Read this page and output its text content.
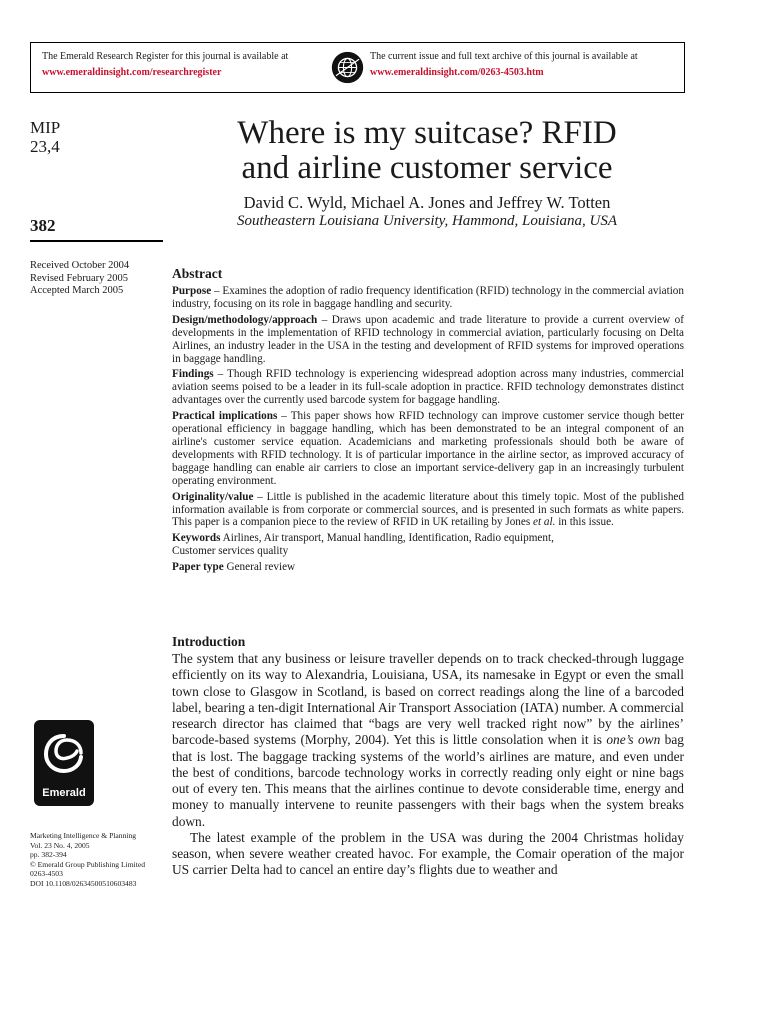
The Emerald Research Register for this journal is available at
www.emeraldinsight.com/researchregister
The current issue and full text archive of this journal is available at
www.emeraldinsight.com/0263-4503.htm
MIP
23,4
382
Received October 2004
Revised February 2005
Accepted March 2005
Where is my suitcase? RFID
and airline customer service
David C. Wyld, Michael A. Jones and Jeffrey W. Totten
Southeastern Louisiana University, Hammond, Louisiana, USA
Abstract

Purpose – Examines the adoption of radio frequency identification (RFID) technology in the commercial aviation industry, focusing on its role in baggage handling and security.

Design/methodology/approach – Draws upon academic and trade literature to provide a current overview of developments in the implementation of RFID technology in commercial aviation, particularly focusing on Delta Airlines, an industry leader in the USA in the testing and development of RFID systems for improved operations in baggage handling.

Findings – Though RFID technology is experiencing widespread adoption across many industries, commercial aviation seems poised to be a leader in its full-scale adoption in practice. RFID technology demonstrates distinct advantages over the currently used barcode system for baggage handling.

Practical implications – This paper shows how RFID technology can improve customer service though better operational efficiency in baggage handling, which has been demonstrated to be an integral component of an airline's customer service equation. Academicians and marketing professionals should both be aware of developments with RFID technology. It is of particular importance in the airline sector, as improved accuracy of baggage handling can enable air carriers to close an important service-delivery gap in an increasingly turbulent operating environment.

Originality/value – Little is published in the academic literature about this timely topic. Most of the published information available is from corporate or commercial sources, and is presented in such formats as white papers. This paper is a companion piece to the review of RFID in UK retailing by Jones et al. in this issue.

Keywords Airlines, Air transport, Manual handling, Identification, Radio equipment,
Customer services quality

Paper type General review

Introduction

The system that any business or leisure traveller depends on to track checked-through luggage efficiently on its way to Alexandria, Louisiana, USA, its namesake in Egypt or even the small town close to Glasgow in Scotland, is based on correct readings along the line of a barcoded label, bearing a ten-digit International Air Transport Association (IATA) number. A commercial research director has claimed that “bags are very well tracked right now” by the airlines’ barcode-based systems (Morphy, 2004). Yet this is little consolation when it is one’s own bag that is lost. The baggage tracking systems of the world’s airlines are mature, and even under the best of conditions, barcode technology works in correctly reading only eight or nine bags out of every ten. This means that the airlines continue to devote considerable time, energy and money to manually intervene to reunite passengers with their bags when the system breaks down.

The latest example of the problem in the USA was during the 2004 Christmas holiday season, when severe weather created havoc. For example, the Comair operation of the major US carrier Delta had to cancel an entire day’s flights due to weather and

Emerald
Marketing Intelligence & Planning
Vol. 23 No. 4, 2005
pp. 382-394
© Emerald Group Publishing Limited
0263-4503
DOI 10.1108/02634500510603483
